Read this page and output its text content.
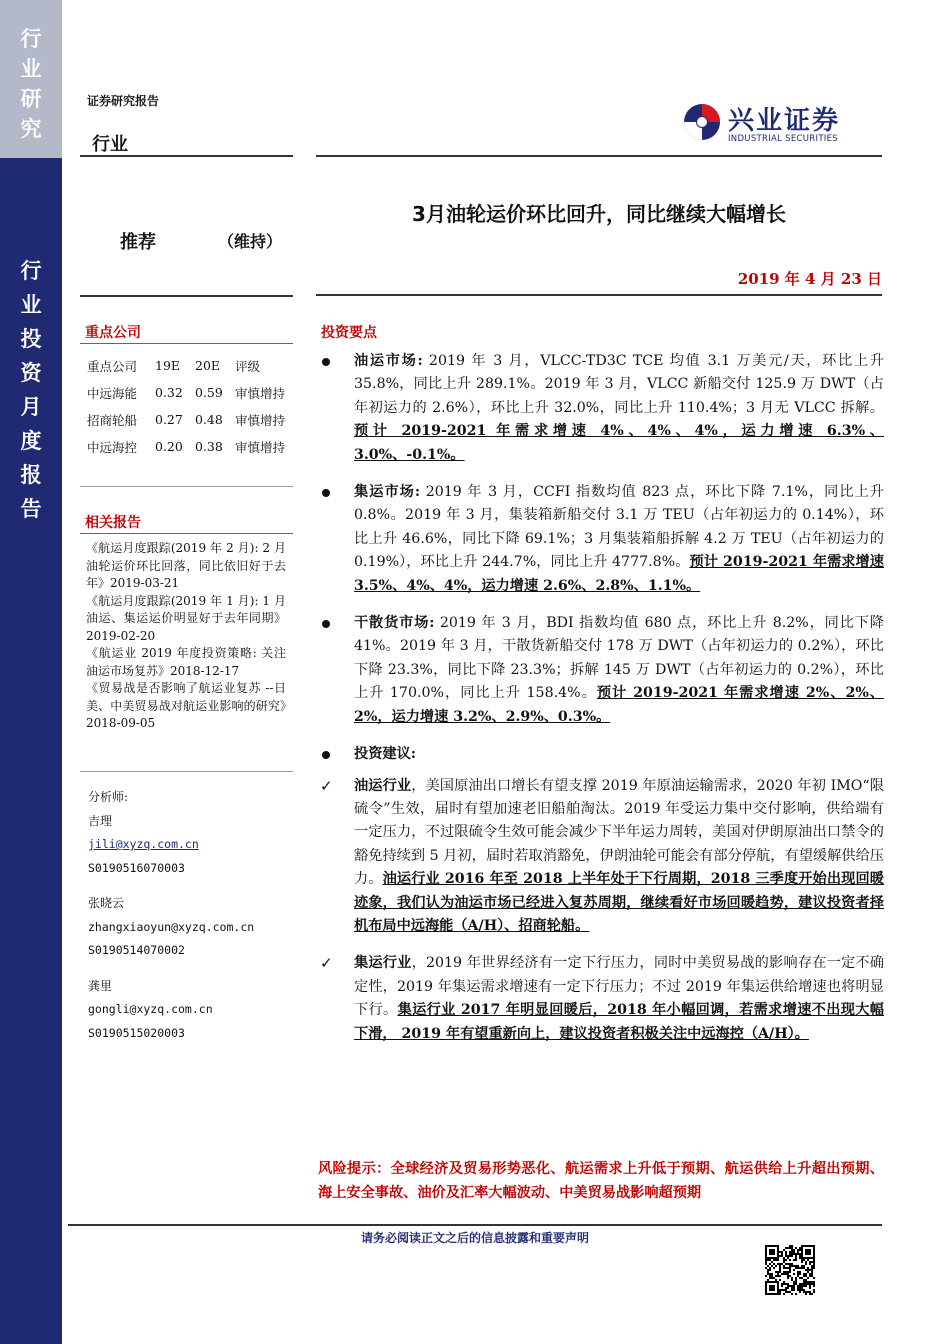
行
业
研
究
行
业
投
资
月
度
报
告
证券研究报告
行业
兴业证券
INDUSTRIAL SECURITIES
3月油轮运价环比回升，同比继续大幅增长
推荐	（维持）
2019 年 4 月 23 日
重点公司
重点公司	19E	20E	评级
中远海能	0.32	0.59	审慎增持
招商轮船	0.27	0.48	审慎增持
中远海控	0.20	0.38	审慎增持
相关报告
《航运月度跟踪(2019 年 2 月): 2 月油轮运价环比回落，同比依旧好于去年》2019-03-21
《航运月度跟踪(2019 年 1 月): 1 月油运、集运运价明显好于去年同期》2019-02-20
《航运业 2019 年度投资策略: 关注油运市场复苏》2018-12-17
《贸易战是否影响了航运业复苏 --日美、中美贸易战对航运业影响的研究》2018-09-05
分析师:
吉理
jili@xyzq.com.cn
S0190516070003
张晓云
zhangxiaoyun@xyzq.com.cn
S0190514070002
龚里
gongli@xyzq.com.cn
S0190515020003
投资要点
油运市场: 2019 年 3 月，VLCC-TD3C TCE 均值 3.1 万美元/天，环比上升 35.8%，同比上升 289.1%。2019 年 3 月，VLCC 新船交付 125.9 万 DWT（占年初运力的 2.6%），环比上升 32.0%，同比上升 110.4%；3 月无 VLCC 拆解。预计 2019-2021 年需求增速 4%、4%、4%，运力增速 6.3%、3.0%、-0.1%。
集运市场: 2019 年 3 月，CCFI 指数均值 823 点，环比下降 7.1%，同比上升 0.8%。2019 年 3 月，集装箱新船交付 3.1 万 TEU（占年初运力的 0.14%），环比上升 46.6%，同比下降 69.1%；3 月集装箱船拆解 4.2 万 TEU（占年初运力的 0.19%），环比上升 244.7%，同比上升 4777.8%。预计 2019-2021 年需求增速 3.5%、4%、4%，运力增速 2.6%、2.8%、1.1%。
干散货市场: 2019 年 3 月，BDI 指数均值 680 点，环比上升 8.2%，同比下降 41%。2019 年 3 月，干散货新船交付 178 万 DWT（占年初运力的 0.2%），环比下降 23.3%，同比下降 23.3%；拆解 145 万 DWT（占年初运力的 0.2%），环比上升 170.0%，同比上升 158.4%。预计 2019-2021 年需求增速 2%、2%、2%，运力增速 3.2%、2.9%、0.3%。
投资建议:
✓ 油运行业，美国原油出口增长有望支撑 2019 年原油运输需求，2020 年初 IMO“限硫令”生效，届时有望加速老旧船舶淘汰。2019 年受运力集中交付影响，供给端有一定压力，不过限硫令生效可能会减少下半年运力周转，美国对伊朗原油出口禁令的豁免持续到 5 月初，届时若取消豁免，伊朗油轮可能会有部分停航，有望缓解供给压力。油运行业 2016 年至 2018 上半年处于下行周期，2018 三季度开始出现回暖迹象，我们认为油运市场已经进入复苏周期，继续看好市场回暖趋势，建议投资者择机布局中远海能（A/H）、招商轮船。
✓ 集运行业，2019 年世界经济有一定下行压力，同时中美贸易战的影响存在一定不确定性，2019 年集运需求增速有一定下行压力；不过 2019 年集运供给增速也将明显下行。集运行业 2017 年明显回暖后，2018 年小幅回调，若需求增速不出现大幅下滑， 2019 年有望重新向上，建议投资者积极关注中远海控（A/H）。
风险提示：全球经济及贸易形势恶化、航运需求上升低于预期、航运供给上升超出预期、海上安全事故、油价及汇率大幅波动、中美贸易战影响超预期
请务必阅读正文之后的信息披露和重要声明
